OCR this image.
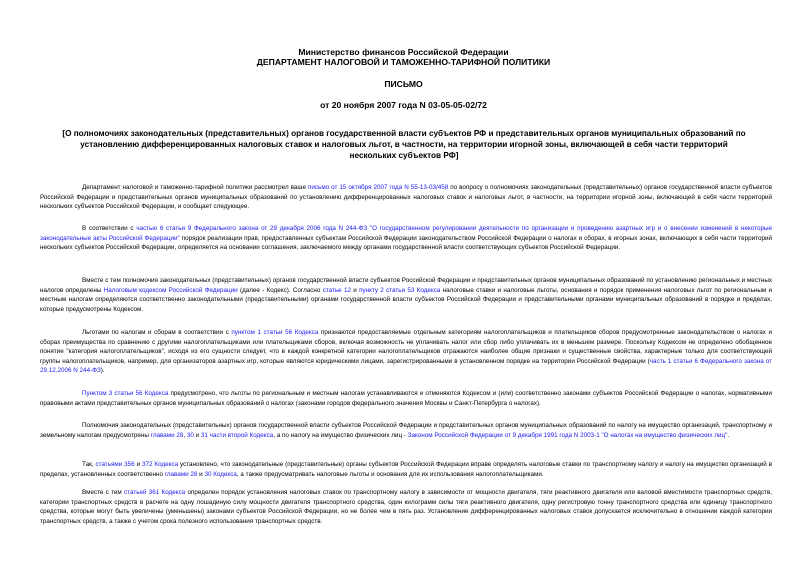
Министерство финансов Российской Федерации
ДЕПАРТАМЕНТ НАЛОГОВОЙ И ТАМОЖЕННО-ТАРИФНОЙ ПОЛИТИКИ
ПИСЬМО
от 20 ноября 2007 года N 03-05-05-02/72
[О полномочиях законодательных (представительных) органов государственной власти субъектов РФ и представительных органов муниципальных образований по установлению дифференцированных налоговых ставок и налоговых льгот, в частности, на территории игорной зоны, включающей в себя части территорий нескольких субъектов РФ]

Департамент налоговой и таможенно-тарифной политики рассмотрел ваше письмо от 15 октября 2007 года N 55-13-03/458 по вопросу о полномочиях законодательных (представительных) органов государственной власти субъектов Российской Федерации и представительных органов муниципальных образований по установлению дифференцированных налоговых ставок и налоговых льгот, в частности, на территории игорной зоны, включающей в себя части территорий нескольких субъектов Российской Федерации, и сообщает следующее.

В соответствии с частью 6 статьи 9 Федерального закона от 29 декабря 2006 года N 244-ФЗ "О государственном регулировании деятельности по организации и проведению азартных игр и о внесении изменений в некоторые законодательные акты Российской Федерации" порядок реализации прав, предоставленных субъектам Российской Федерации законодательством Российской Федерации о налогах и сборах, в игорных зонах, включающих в себя части территорий нескольких субъектов Российской Федерации, определяется на основании соглашения, заключаемого между органами государственной власти соответствующих субъектов Российской Федерации.

Вместе с тем полномочия законодательных (представительных) органов государственной власти субъектов Российской Федерации и представительных органов муниципальных образований по установлению региональных и местных налогов определены Налоговым кодексом Российской Федерации (далее - Кодекс). Согласно статье 12 и пункту 2 статьи 53 Кодекса налоговые ставки и налоговые льготы, основания и порядок применения налоговых льгот по региональным и местным налогам определяются соответственно законодательными (представительными) органами государственной власти субъектов Российской Федерации и представительными органами муниципальных образований в порядке и пределах, которые предусмотрены Кодексом.

Льготами по налогам и сборам в соответствии с пунктом 1 статьи 56 Кодекса признаются предоставляемые отдельным категориям налогоплательщиков и плательщиков сборов предусмотренные законодательством о налогах и сборах преимущества по сравнению с другими налогоплательщиками или плательщиками сборов, включая возможность не уплачивать налог или сбор либо уплачивать их в меньшем размере. Поскольку Кодексом не определено обобщенное понятие "категория налогоплательщиков", исходя из его сущности следует, что в каждой конкретной категории налогоплательщиков отражаются наиболее общие признаки и существенные свойства, характерные только для соответствующей группы налогоплательщиков, например, для организаторов азартных игр, которые являются юридическими лицами, зарегистрированными в установленном порядке на территории Российской Федерации (часть 1 статьи 6 Федерального закона от 29.12.2006 N 244-ФЗ).

Пунктом 3 статьи 56 Кодекса предусмотрено, что льготы по региональным и местным налогам устанавливаются и отменяются Кодексом и (или) соответственно законами субъектов Российской Федерации о налогах, нормативными правовыми актами представительных органов муниципальных образований о налогах (законами городов федерального значения Москвы и Санкт-Петербурга о налогах).

Полномочия законодательных (представительных) органов государственной власти субъектов Российской Федерации и представительных органов муниципальных образований по налогу на имущество организаций, транспортному и земельному налогам предусмотрены главами 28, 30 и 31 части второй Кодекса, а по налогу на имущество физических лиц - Законом Российской Федерации от 9 декабря 1991 года N 2003-1 "О налогах на имущество физических лиц".

Так, статьями 356 и 372 Кодекса установлено, что законодательные (представительные) органы субъектов Российской Федерации вправе определять налоговые ставки по транспортному налогу и налогу на имущество организаций в пределах, установленных соответственно главами 28 и 30 Кодекса, а также предусматривать налоговые льготы и основания для их использования налогоплательщиками.

Вместе с тем статьей 361 Кодекса определен порядок установления налоговых ставок по транспортному налогу в зависимости от мощности двигателя, тяги реактивного двигателя или валовой вместимости транспортных средств, категории транспортных средств в расчете на одну лошадиную силу мощности двигателя транспортного средства, один килограмм силы тяги реактивного двигателя, одну регистровую тонну транспортного средства или единицу транспортного средства, которые могут быть увеличены (уменьшены) законами субъектов Российской Федерации, но не более чем в пять раз. Установление дифференцированных налоговых ставок допускается исключительно в отношении каждой категории транспортных средств, а также с учетом срока полезного использования транспортных средств.
